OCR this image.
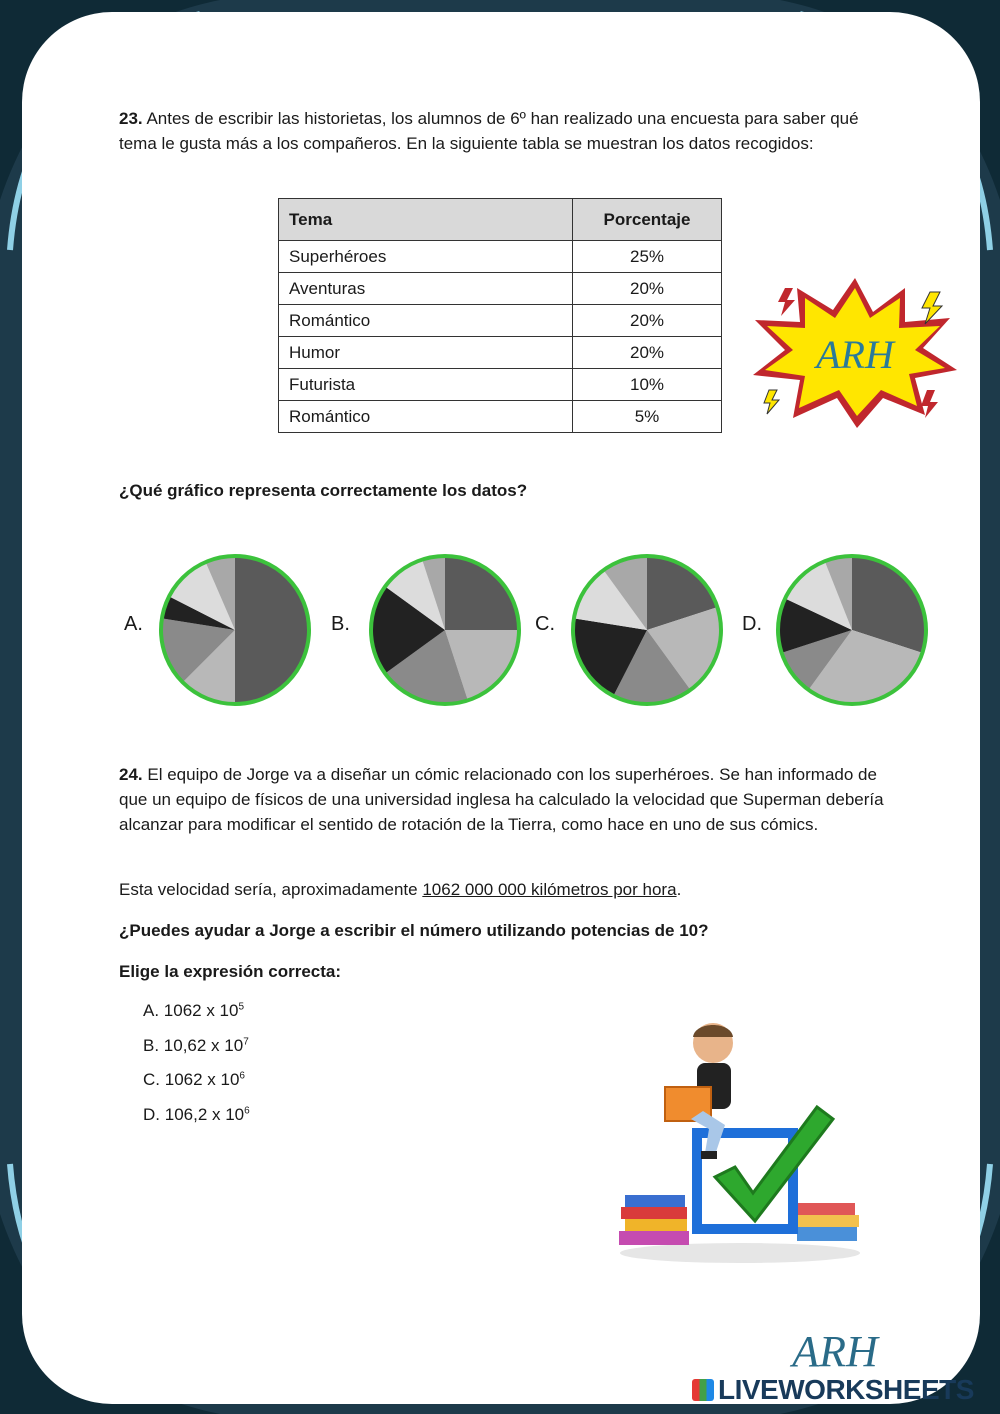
23. Antes de escribir las historietas, los alumnos de 6º han realizado una encuesta para saber qué tema le gusta más a los compañeros. En la siguiente tabla se muestran los datos recogidos:

Tema	Porcentaje
Superhéroes	25%
Aventuras	20%
Romántico	20%
Humor	20%
Futurista	10%
Romántico	5%
ARH

¿Qué gráfico representa correctamente los datos?

A.	B.	C.	D.

24. El equipo de Jorge va a diseñar un cómic relacionado con los superhéroes. Se han informado de que un equipo de físicos de una universidad inglesa ha calculado la velocidad que Superman debería alcanzar para modificar el sentido de rotación de la Tierra, como hace en uno de sus cómics.

Esta velocidad sería, aproximadamente 1062 000 000 kilómetros por hora.

¿Puedes ayudar a Jorge a escribir el número utilizando potencias de 10?

Elige la expresión correcta:

A. 1062 x $10^5$
B. 10,62 x $10^7$
C. 1062 x $10^6$
D. 106,2 x $10^6$
ARH
LIVEWORKSHEETS
